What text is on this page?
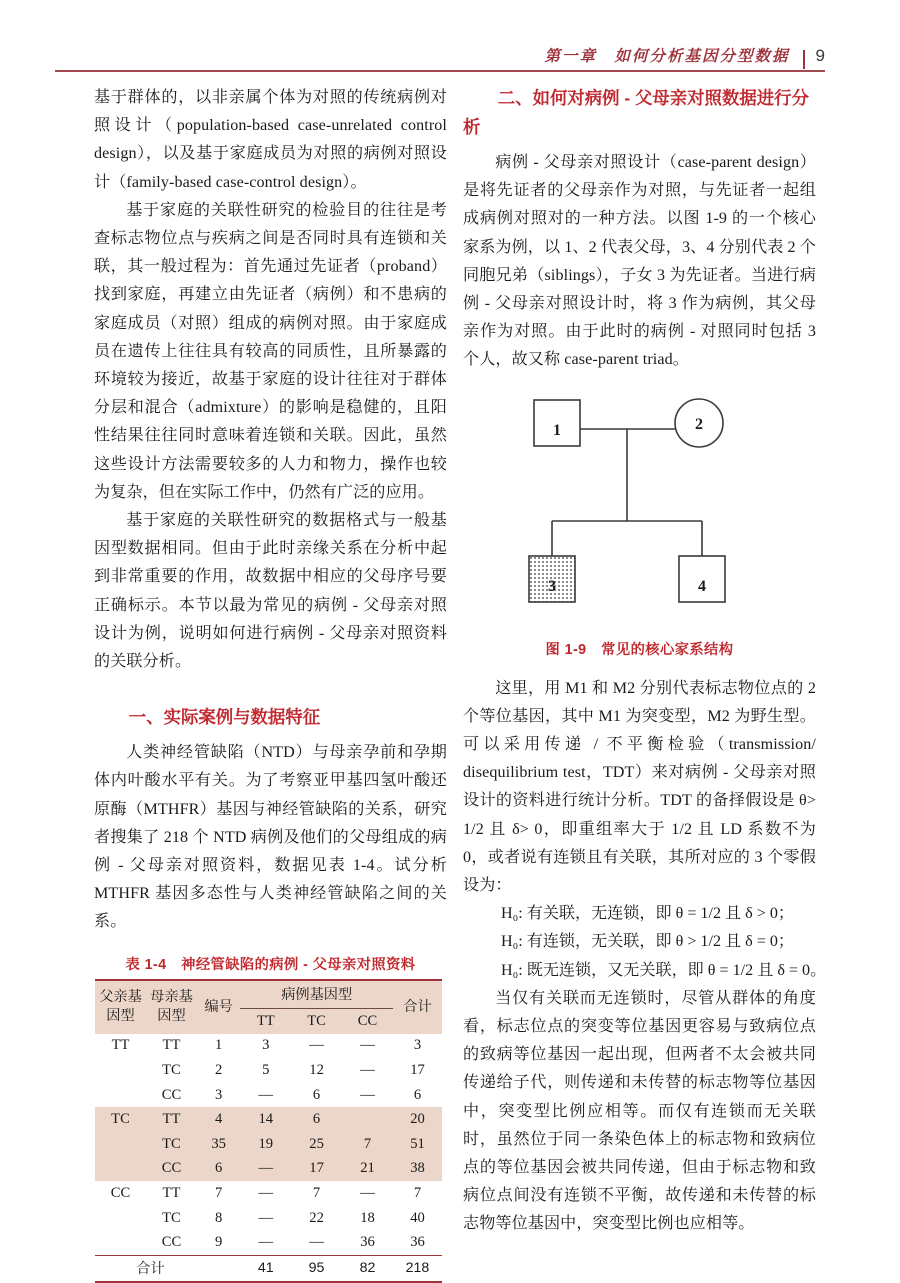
第一章　如何分析基因分型数据 9

基于群体的，以非亲属个体为对照的传统病例对照设计（population-based case-unrelated control design），以及基于家庭成员为对照的病例对照设计（family-based case-control design）。

基于家庭的关联性研究的检验目的往往是考查标志物位点与疾病之间是否同时具有连锁和关联，其一般过程为：首先通过先证者（proband）找到家庭，再建立由先证者（病例）和不患病的家庭成员（对照）组成的病例对照。由于家庭成员在遗传上往往具有较高的同质性，且所暴露的环境较为接近，故基于家庭的设计往往对于群体分层和混合（admixture）的影响是稳健的，且阳性结果往往同时意味着连锁和关联。因此，虽然这些设计方法需要较多的人力和物力，操作也较为复杂，但在实际工作中，仍然有广泛的应用。

基于家庭的关联性研究的数据格式与一般基因型数据相同。但由于此时亲缘关系在分析中起到非常重要的作用，故数据中相应的父母序号要正确标示。本节以最为常见的病例 - 父母亲对照设计为例，说明如何进行病例 - 父母亲对照资料的关联分析。

一、实际案例与数据特征

人类神经管缺陷（NTD）与母亲孕前和孕期体内叶酸水平有关。为了考察亚甲基四氢叶酸还原酶（MTHFR）基因与神经管缺陷的关系，研究者搜集了 218 个 NTD 病例及他们的父母组成的病例 - 父母亲对照资料，数据见表 1-4。试分析 MTHFR 基因多态性与人类神经管缺陷之间的关系。

表 1-4　神经管缺陷的病例 - 父母亲对照资料
父亲基因型	母亲基因型	编号	病例基因型			合计
			TT	TC	CC	
TT	TT	1	3	—	—	3
	TC	2	5	12	—	17
	CC	3	—	6	—	6
TC	TT	4	14	6		20
	TC	35	19	25	7	51
	CC	6	—	17	21	38
CC	TT	7	—	7	—	7
	TC	8	—	22	18	40
	CC	9	—	—	36	36
合计			41	95	82	218
二、如何对病例 - 父母亲对照数据进行分析

病例 - 父母亲对照设计（case-parent design）是将先证者的父母亲作为对照，与先证者一起组成病例对照对的一种方法。以图 1-9 的一个核心家系为例，以 1、2 代表父母，3、4 分别代表 2 个同胞兄弟（siblings），子女 3 为先证者。当进行病例 - 父母亲对照设计时，将 3 作为病例，其父母亲作为对照。由于此时的病例 - 对照同时包括 3 个人，故又称 case-parent triad。

1	2
3	4
图 1-9　常见的核心家系结构

这里，用 M1 和 M2 分别代表标志物位点的 2 个等位基因，其中 M1 为突变型，M2 为野生型。可以采用传递 / 不平衡检验（transmission/ disequilibrium test，TDT）来对病例 - 父母亲对照设计的资料进行统计分析。TDT 的备择假设是 θ> 1/2 且 δ> 0，即重组率大于 1/2 且 LD 系数不为 0，或者说有连锁且有关联，其所对应的 3 个零假设为：

H₀: 有关联，无连锁，即 θ = 1/2 且 δ > 0；
H₀: 有连锁，无关联，即 θ > 1/2 且 δ = 0；
H₀: 既无连锁，又无关联，即 θ = 1/2 且 δ = 0。

当仅有关联而无连锁时，尽管从群体的角度看，标志位点的突变等位基因更容易与致病位点的致病等位基因一起出现，但两者不太会被共同传递给子代，则传递和未传替的标志物等位基因中，突变型比例应相等。而仅有连锁而无关联时，虽然位于同一条染色体上的标志物和致病位点的等位基因会被共同传递，但由于标志物和致病位点间没有连锁不平衡，故传递和未传替的标志物等位基因中，突变型比例也应相等。
